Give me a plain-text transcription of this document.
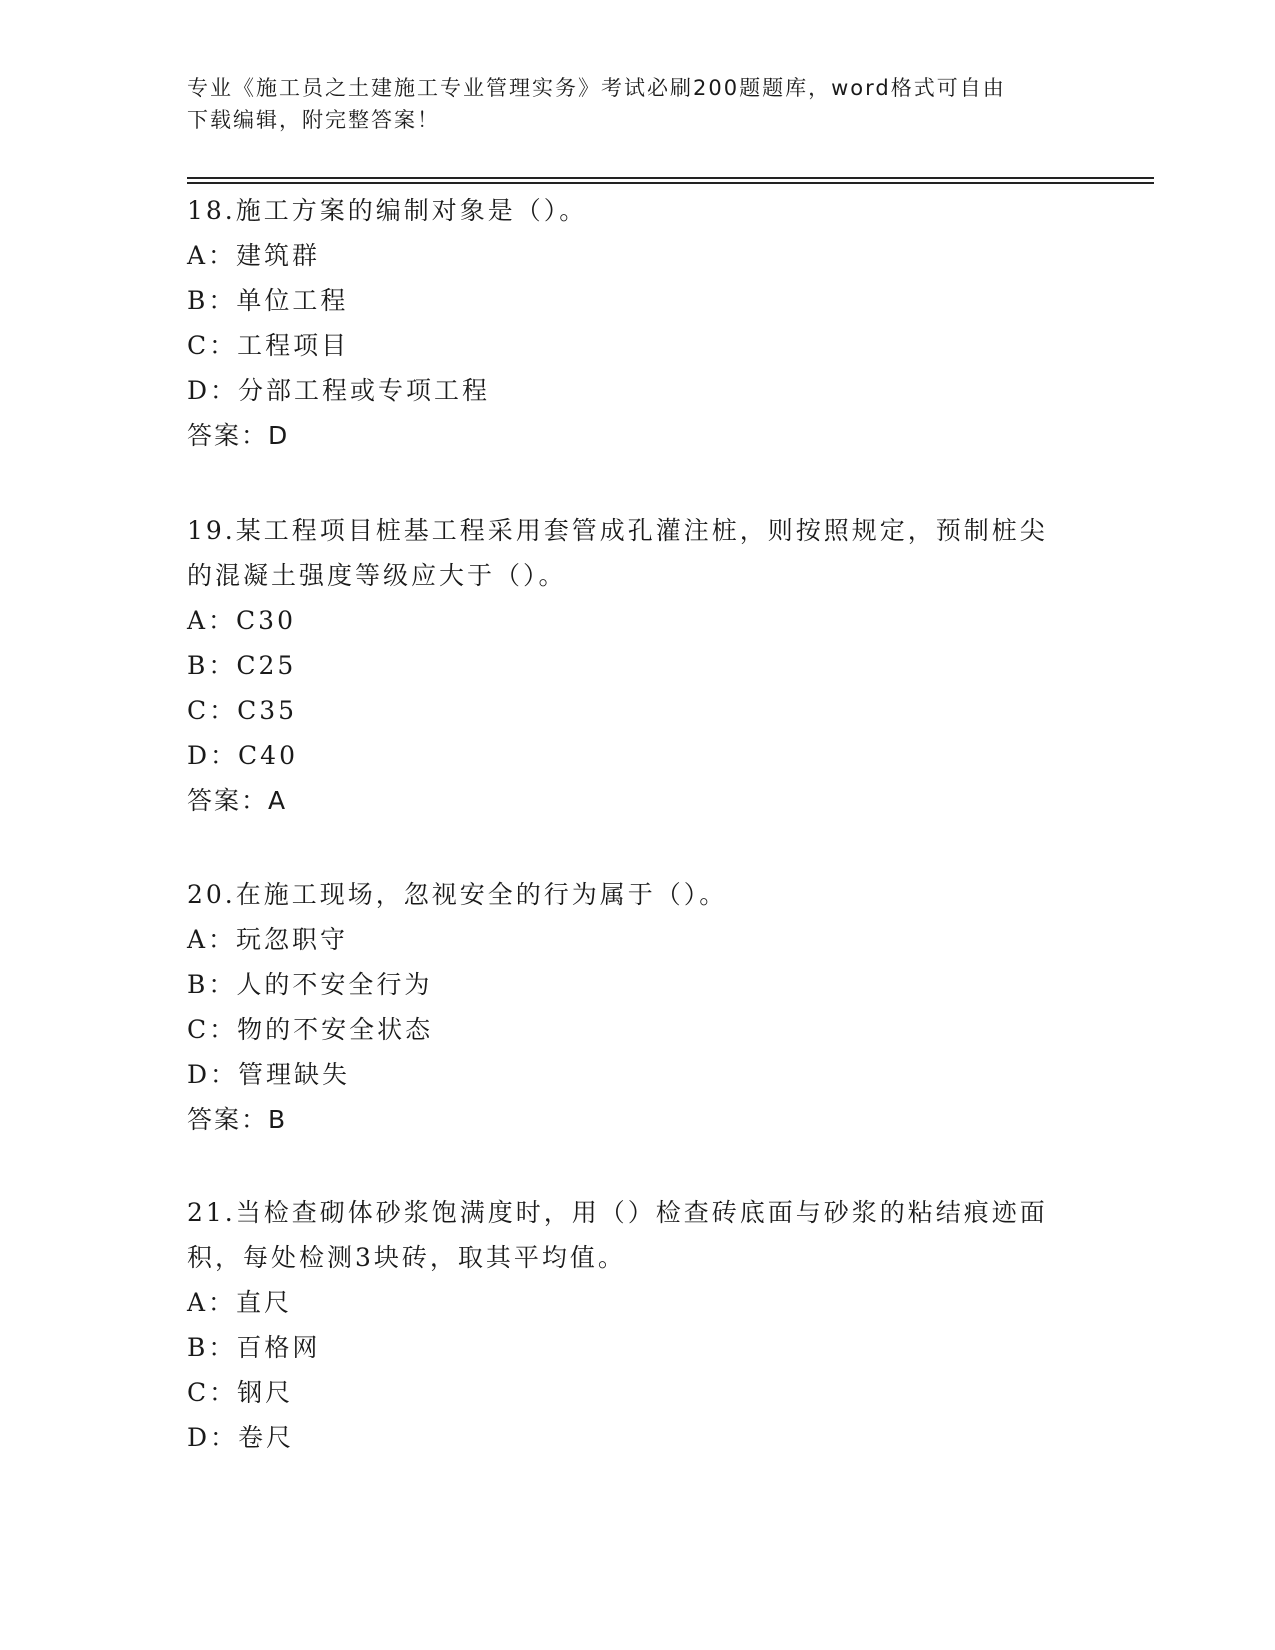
专业《施工员之土建施工专业管理实务》考试必刷200题题库，word格式可自由
下载编辑，附完整答案！

18.施工方案的编制对象是（）。

A：建筑群

B：单位工程

C：工程项目

D：分部工程或专项工程

答案：D

19.某工程项目桩基工程采用套管成孔灌注桩，则按照规定，预制桩尖

的混凝土强度等级应大于（）。

A：C30

B：C25

C：C35

D：C40

答案：A

20.在施工现场，忽视安全的行为属于（）。

A：玩忽职守

B：人的不安全行为

C：物的不安全状态

D：管理缺失

答案：B

21.当检查砌体砂浆饱满度时，用（）检查砖底面与砂浆的粘结痕迹面

积，每处检测3块砖，取其平均值。

A：直尺

B：百格网

C：钢尺

D：卷尺
